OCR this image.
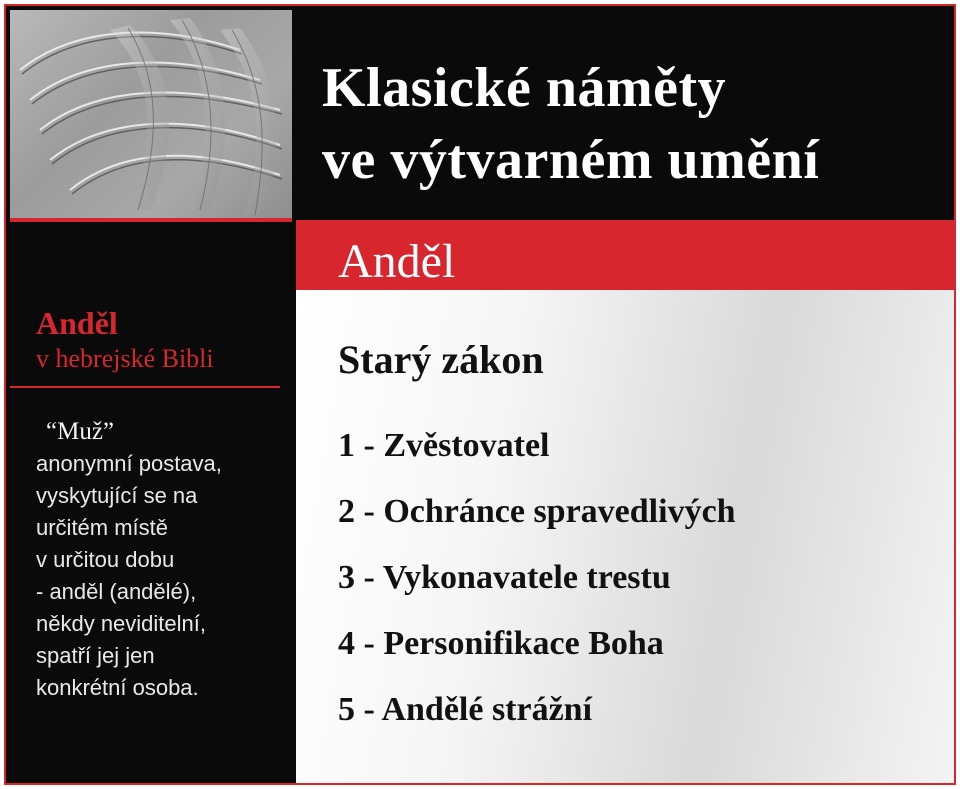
Anděl
v hebrejské Bibli
“Muž”
anonymní postava,
vyskytující se na
určitém místě
v určitou dobu
- anděl (andělé),
někdy neviditelní,
spatří jej jen
konkrétní osoba.
Klasické náměty
ve výtvarném umění
Anděl
Starý zákon
1 - Zvěstovatel
2 - Ochránce spravedlivých
3 - Vykonavatele trestu
4 - Personifikace Boha
5 - Andělé strážní
